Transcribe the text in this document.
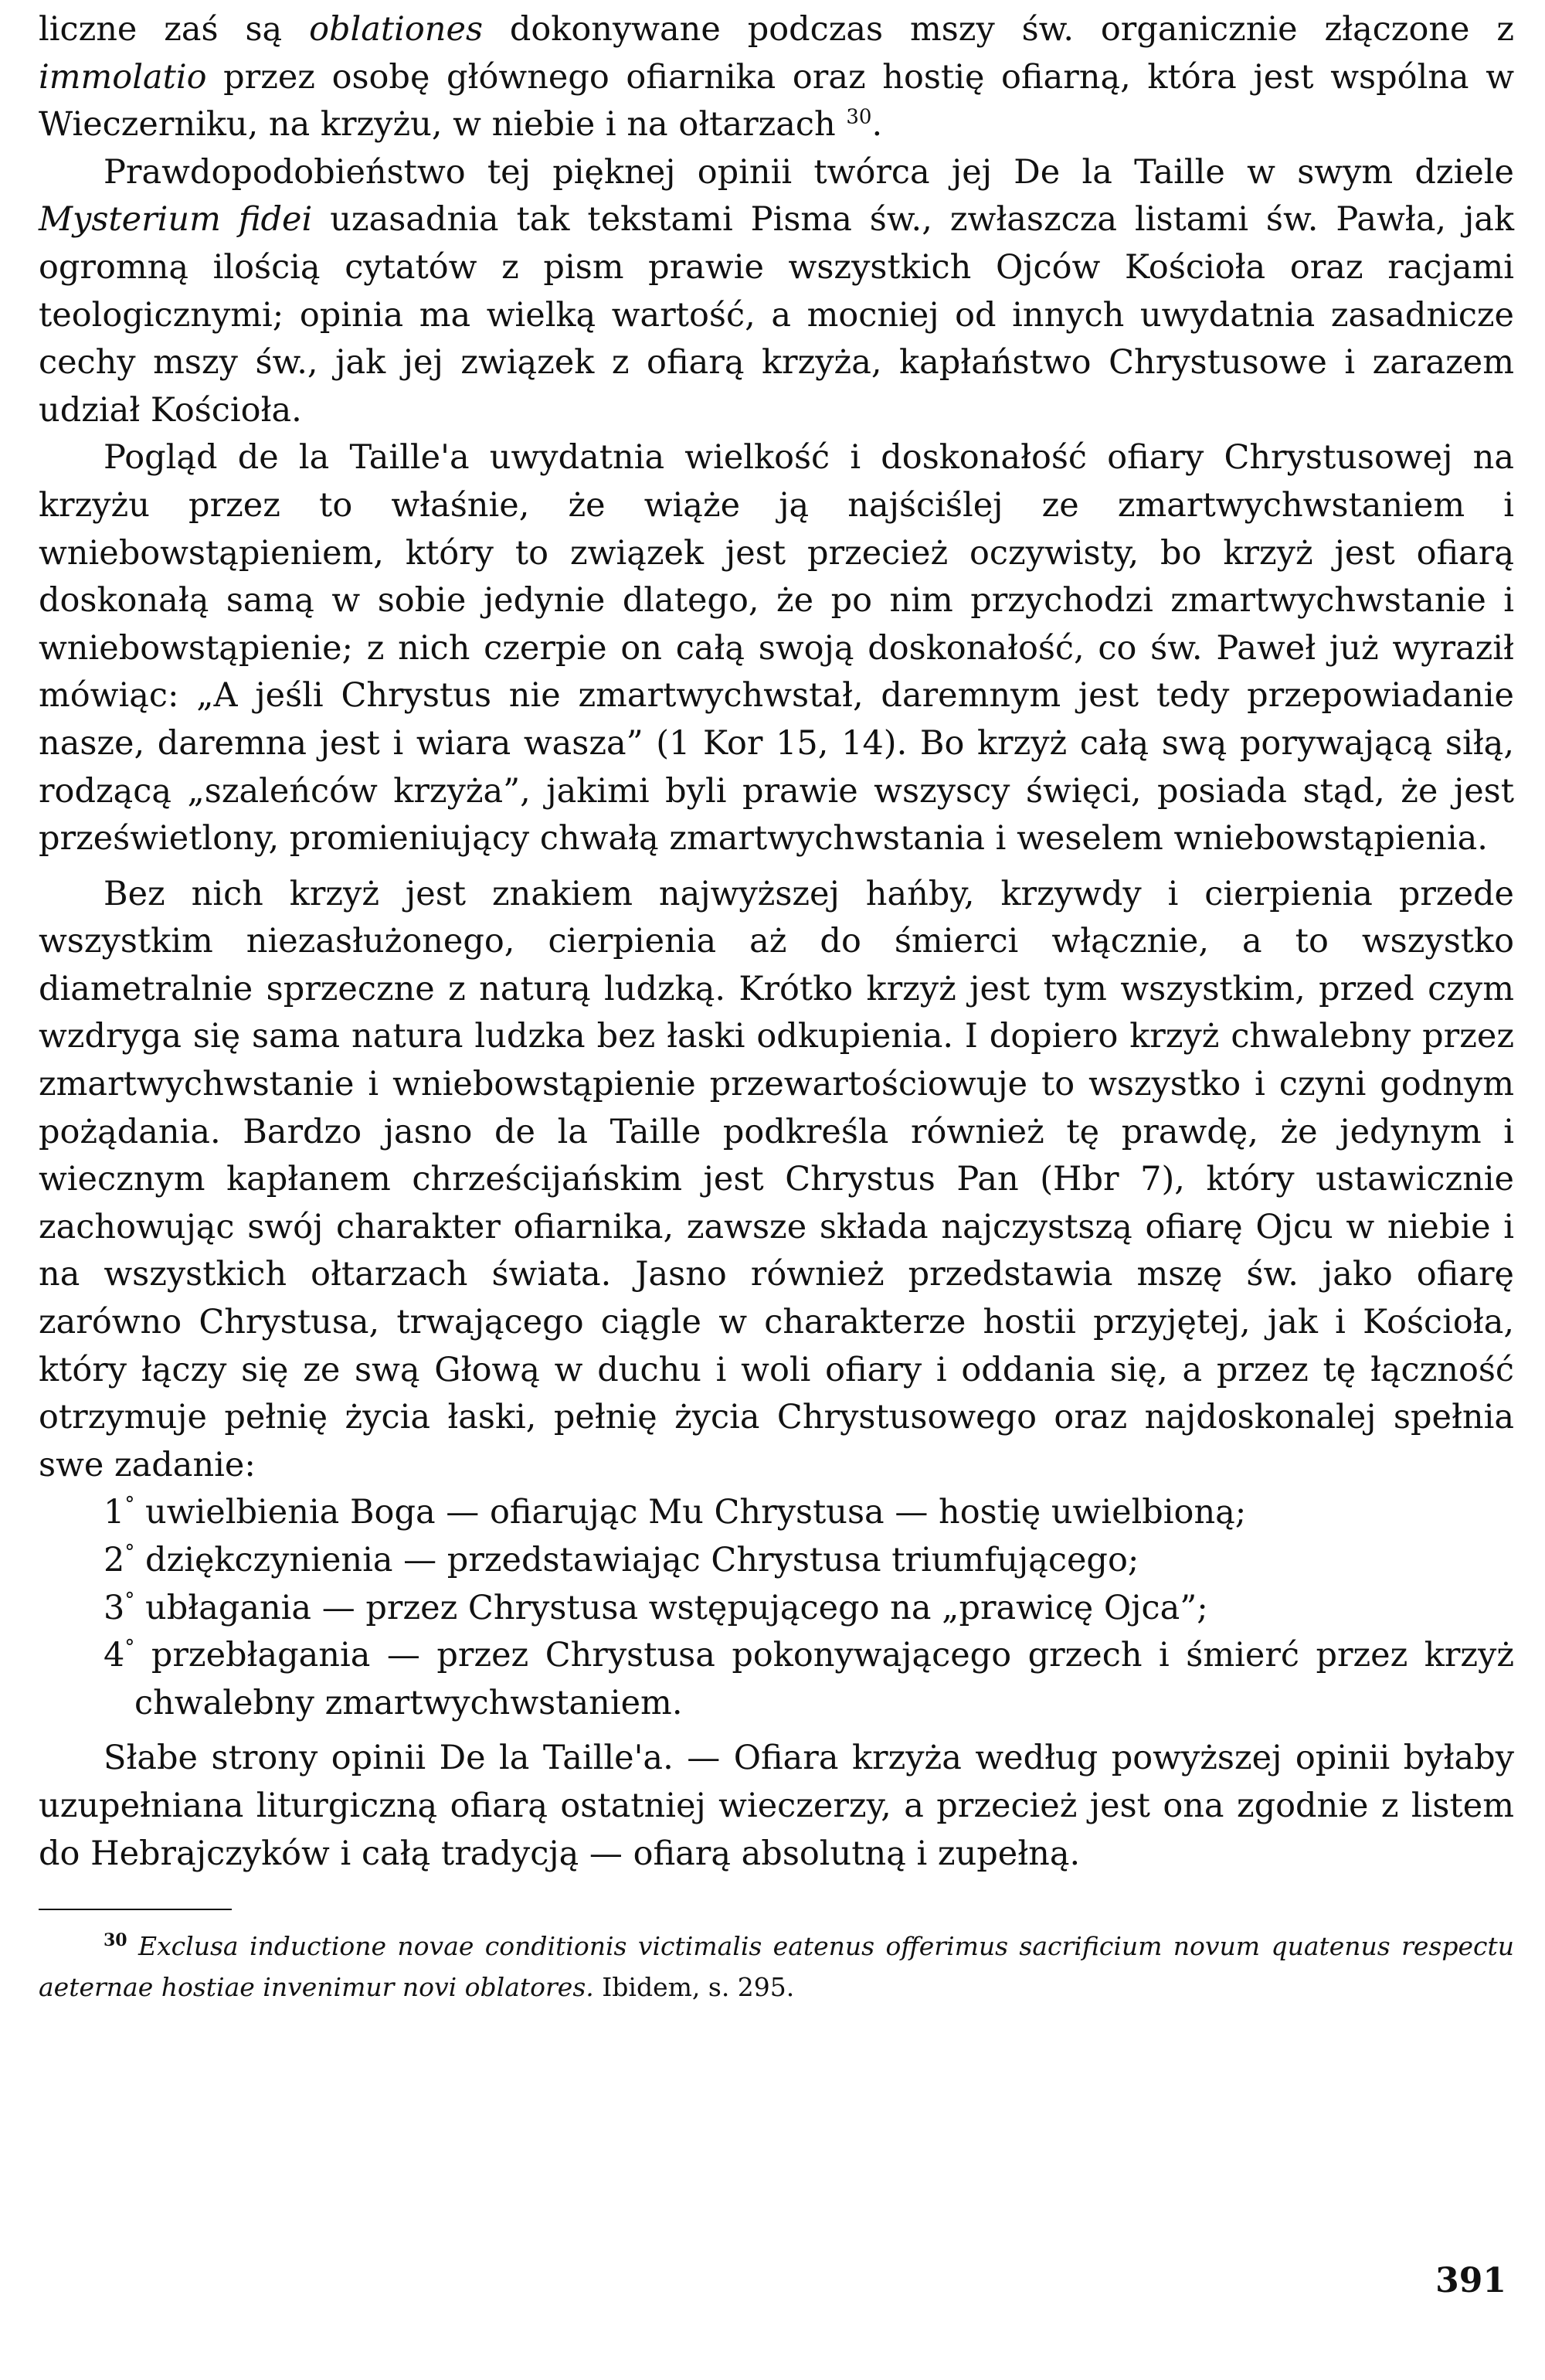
liczne zaś są oblationes dokonywane podczas mszy św. organicznie złączone z immolatio przez osobę głównego ofiarnika oraz hostię ofiarną, która jest wspólna w Wieczerniku, na krzyżu, w niebie i na ołtarzach $^{30}$.

Prawdopodobieństwo tej pięknej opinii twórca jej De la Taille w swym dziele Mysterium fidei uzasadnia tak tekstami Pisma św., zwłaszcza listami św. Pawła, jak ogromną ilością cytatów z pism prawie wszystkich Ojców Kościoła oraz racjami teologicznymi; opinia ma wielką wartość, a mocniej od innych uwydatnia zasadnicze cechy mszy św., jak jej związek z ofiarą krzyża, kapłaństwo Chrystusowe i zarazem udział Kościoła.

Pogląd de la Taille'a uwydatnia wielkość i doskonałość ofiary Chrystusowej na krzyżu przez to właśnie, że wiąże ją najściślej ze zmartwychwstaniem i wniebowstąpieniem, który to związek jest przecież oczywisty, bo krzyż jest ofiarą doskonałą samą w sobie jedynie dlatego, że po nim przychodzi zmartwychwstanie i wniebowstąpienie; z nich czerpie on całą swoją doskonałość, co św. Paweł już wyraził mówiąc: „A jeśli Chrystus nie zmartwychwstał, daremnym jest tedy przepowiadanie nasze, daremna jest i wiara wasza” (1 Kor 15, 14). Bo krzyż całą swą porywającą siłą, rodzącą „szaleńców krzyża”, jakimi byli prawie wszyscy święci, posiada stąd, że jest prześwietlony, promieniujący chwałą zmartwychwstania i weselem wniebowstąpienia.

Bez nich krzyż jest znakiem najwyższej hańby, krzywdy i cierpienia przede wszystkim niezasłużonego, cierpienia aż do śmierci włącznie, a to wszystko diametralnie sprzeczne z naturą ludzką. Krótko krzyż jest tym wszystkim, przed czym wzdryga się sama natura ludzka bez łaski odkupienia. I dopiero krzyż chwalebny przez zmartwychwstanie i wniebowstąpienie przewartościowuje to wszystko i czyni godnym pożądania. Bardzo jasno de la Taille podkreśla również tę prawdę, że jedynym i wiecznym kapłanem chrześcijańskim jest Chrystus Pan (Hbr 7), który ustawicznie zachowując swój charakter ofiarnika, zawsze składa najczystszą ofiarę Ojcu w niebie i na wszystkich ołtarzach świata. Jasno również przedstawia mszę św. jako ofiarę zarówno Chrystusa, trwającego ciągle w charakterze hostii przyjętej, jak i Kościoła, który łączy się ze swą Głową w duchu i woli ofiary i oddania się, a przez tę łączność otrzymuje pełnię życia łaski, pełnię życia Chrystusowego oraz najdoskonalej spełnia swe zadanie:

1° uwielbienia Boga — ofiarując Mu Chrystusa — hostię uwielbioną;

2° dziękczynienia — przedstawiając Chrystusa triumfującego;

3° ubłagania — przez Chrystusa wstępującego na „prawicę Ojca”;

4° przebłagania — przez Chrystusa pokonywającego grzech i śmierć przez krzyż chwalebny zmartwychwstaniem.

Słabe strony opinii De la Taille'a. — Ofiara krzyża według powyższej opinii byłaby uzupełniana liturgiczną ofiarą ostatniej wieczerzy, a przecież jest ona zgodnie z listem do Hebrajczyków i całą tradycją — ofiarą absolutną i zupełną.

$^{30}$ Exclusa inductione novae conditionis victimalis eatenus offerimus sacrificium novum quatenus respectu aeternae hostiae invenimur novi oblatores. Ibidem, s. 295.
391
